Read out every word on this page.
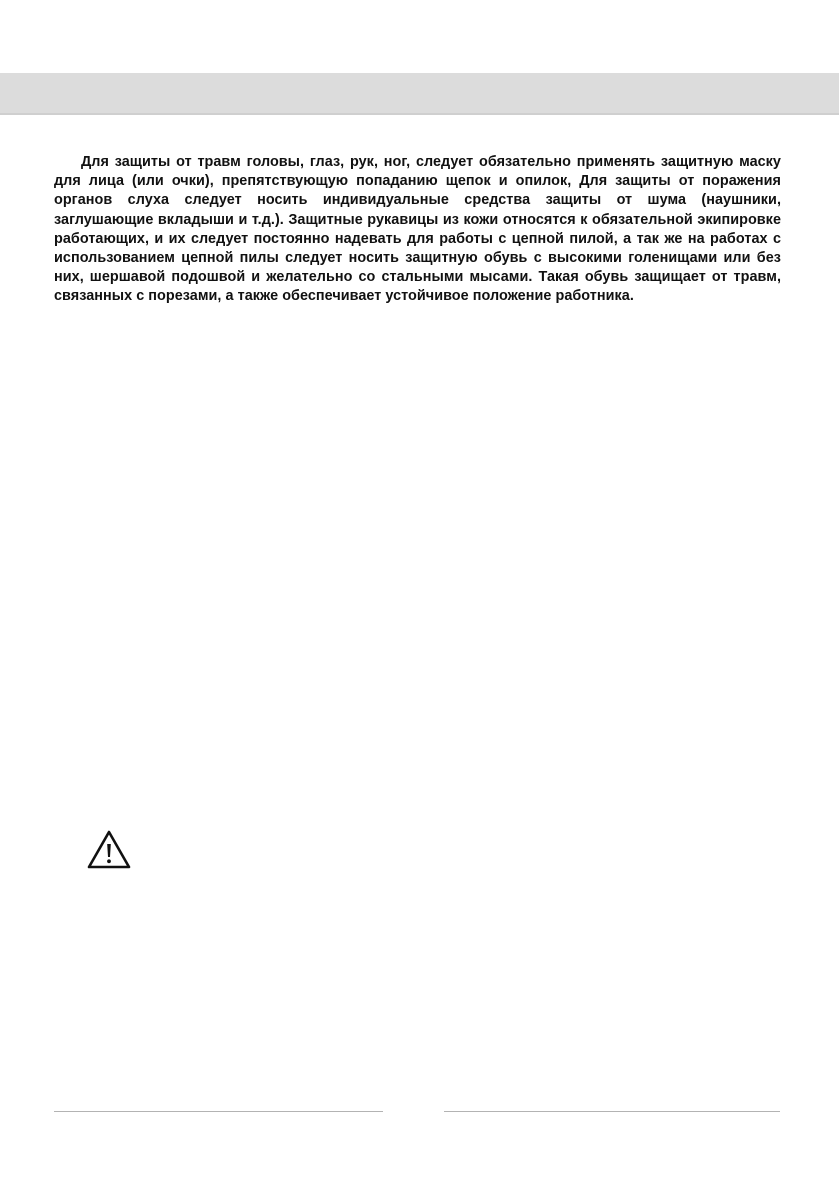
Для защиты от травм головы, глаз, рук, ног, следует обязательно применять защитную маску для лица (или очки), препятствующую попаданию щепок и опилок, Для защиты от поражения органов слуха следует носить индивидуальные средства защиты от шума (наушники, заглушающие вкладыши и т.д.). Защитные рукавицы из кожи относятся к обязательной экипировке работающих, и их следует постоянно надевать для работы с цепной пилой, а так же на работах с использованием цепной пилы следует носить защитную обувь с высокими голенищами или без них, шершавой подошвой и желательно со стальными мысами. Такая обувь защищает от травм, связанных с порезами, а также обеспечивает устойчивое положение работника.
